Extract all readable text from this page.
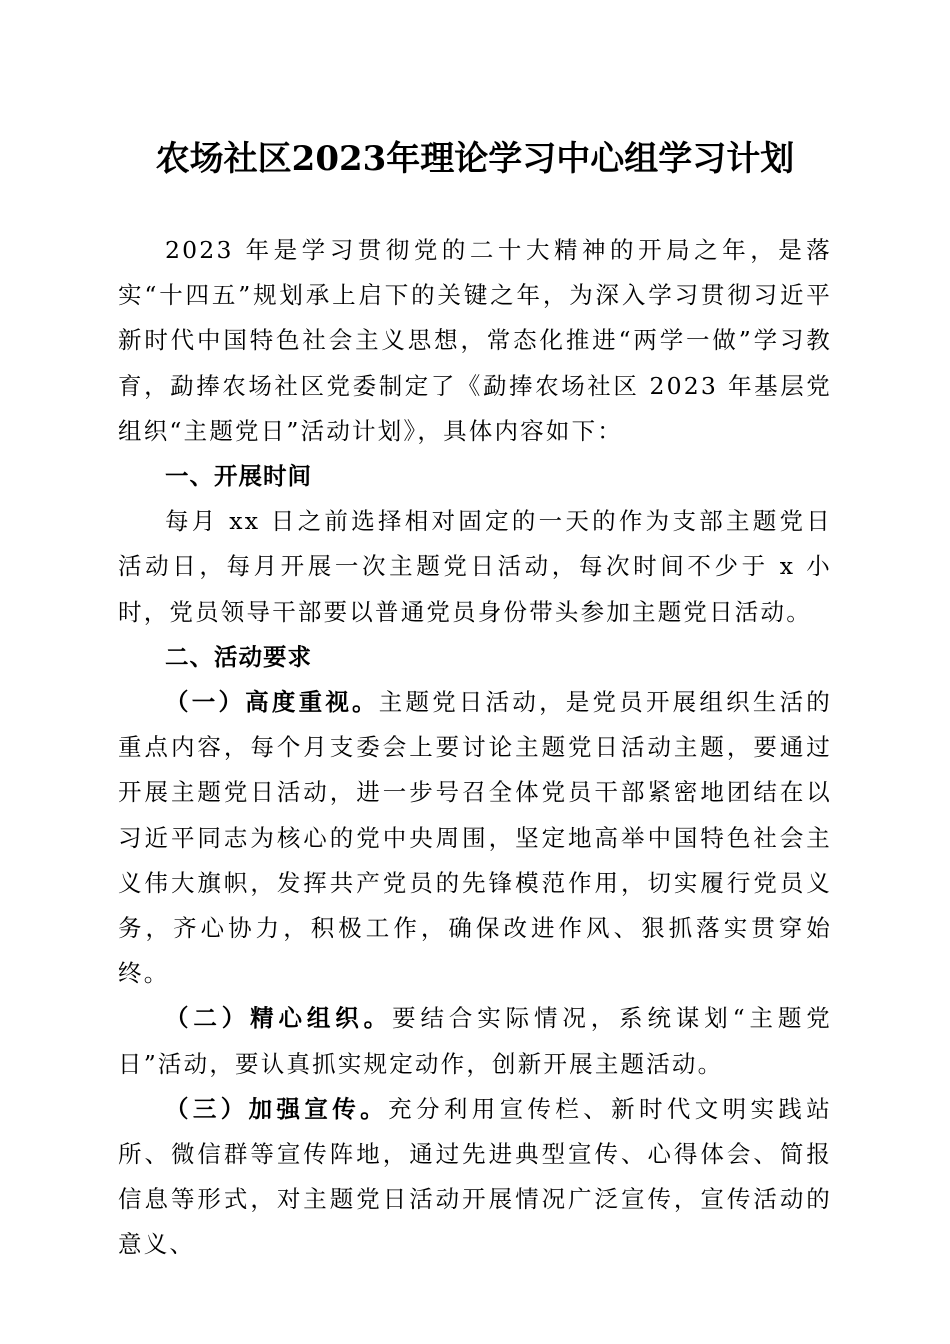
农场社区2023年理论学习中心组学习计划

2023 年是学习贯彻党的二十大精神的开局之年，是落实“十四五”规划承上启下的关键之年，为深入学习贯彻习近平新时代中国特色社会主义思想，常态化推进“两学一做”学习教育，勐捧农场社区党委制定了《勐捧农场社区 2023 年基层党组织“主题党日”活动计划》，具体内容如下：

一、开展时间

每月 xx 日之前选择相对固定的一天的作为支部主题党日活动日，每月开展一次主题党日活动，每次时间不少于 x 小时，党员领导干部要以普通党员身份带头参加主题党日活动。

二、活动要求

（一）高度重视。主题党日活动，是党员开展组织生活的重点内容，每个月支委会上要讨论主题党日活动主题，要通过开展主题党日活动，进一步号召全体党员干部紧密地团结在以习近平同志为核心的党中央周围，坚定地高举中国特色社会主义伟大旗帜，发挥共产党员的先锋模范作用，切实履行党员义务，齐心协力，积极工作，确保改进作风、狠抓落实贯穿始终。

（二）精心组织。要结合实际情况，系统谋划“主题党日”活动，要认真抓实规定动作，创新开展主题活动。

（三）加强宣传。充分利用宣传栏、新时代文明实践站所、微信群等宣传阵地，通过先进典型宣传、心得体会、简报信息等形式，对主题党日活动开展情况广泛宣传，宣传活动的意义、
